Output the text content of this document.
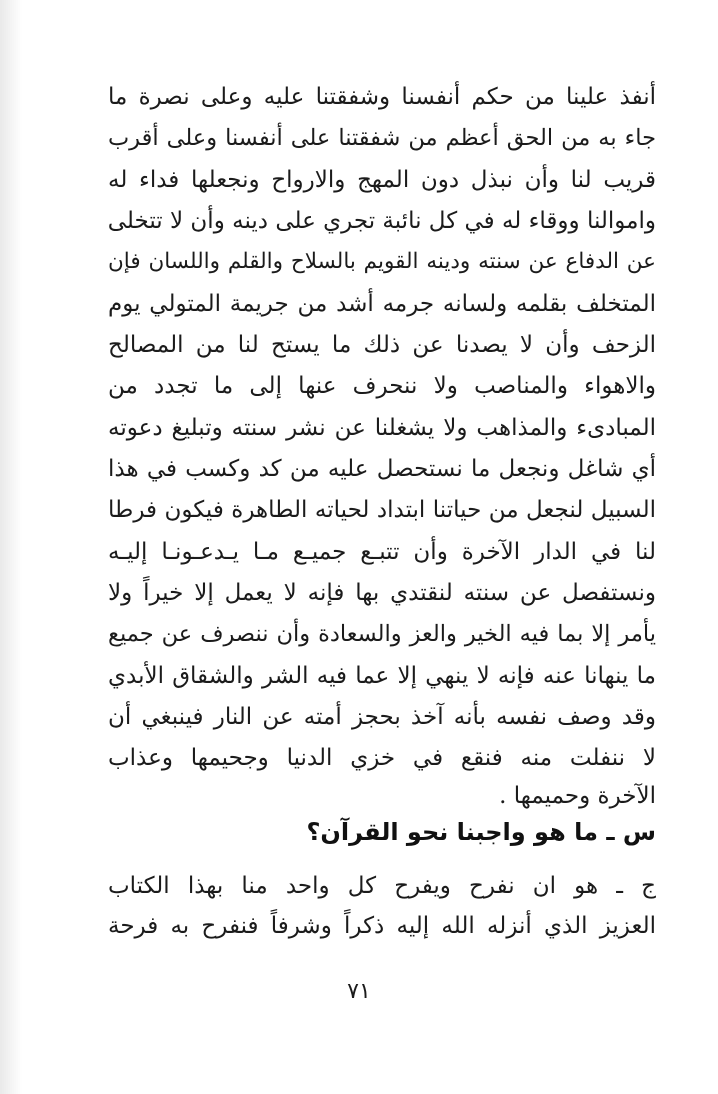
أنفذ علينا من حكم أنفسنا وشفقتنا عليه وعلى نصرة ما
جاء به من الحق أعظم من شفقتنا على أنفسنا وعلى أقرب
قريب لنا وأن نبذل دون المهج والارواح ونجعلها فداء له
واموالنا ووقاء له في كل نائبة تجري على دينه وأن لا تتخلى
عن الدفاع عن سنته ودينه القويم بالسلاح والقلم واللسان فإن
المتخلف بقلمه ولسانه جرمه أشد من جريمة المتولي يوم
الزحف وأن لا يصدنا عن ذلك ما يستح لنا من المصالح
والاهواء والمناصب ولا ننحرف عنها إلى ما تجدد من
المبادىء والمذاهب ولا يشغلنا عن نشر سنته وتبليغ دعوته
أي شاغل ونجعل ما نستحصل عليه من كد وكسب في هذا
السبيل لنجعل من حياتنا ابتداد لحياته الطاهرة فيكون فرطا
لنا في الدار الآخرة وأن تتبـع جميـع مـا يـدعـونـا إليـه
ونستفصل عن سنته لنقتدي بها فإنه لا يعمل إلا خيراً ولا
يأمر إلا بما فيه الخير والعز والسعادة وأن ننصرف عن جميع
ما ينهانا عنه فإنه لا ينهي إلا عما فيه الشر والشقاق الأبدي
وقد وصف نفسه بأنه آخذ بحجز أمته عن النار فينبغي أن
لا ننفلت منه فنقع في خزي الدنيا وجحيمها وعذاب
الآخرة وحميمها .
س ـ ما هو واجبنا نحو القرآن؟
ج ـ هو ان نفرح ويفرح كل واحد منا بهذا الكتاب
العزيز الذي أنزله الله إليه ذكراً وشرفاً فنفرح به فرحة
٧١
